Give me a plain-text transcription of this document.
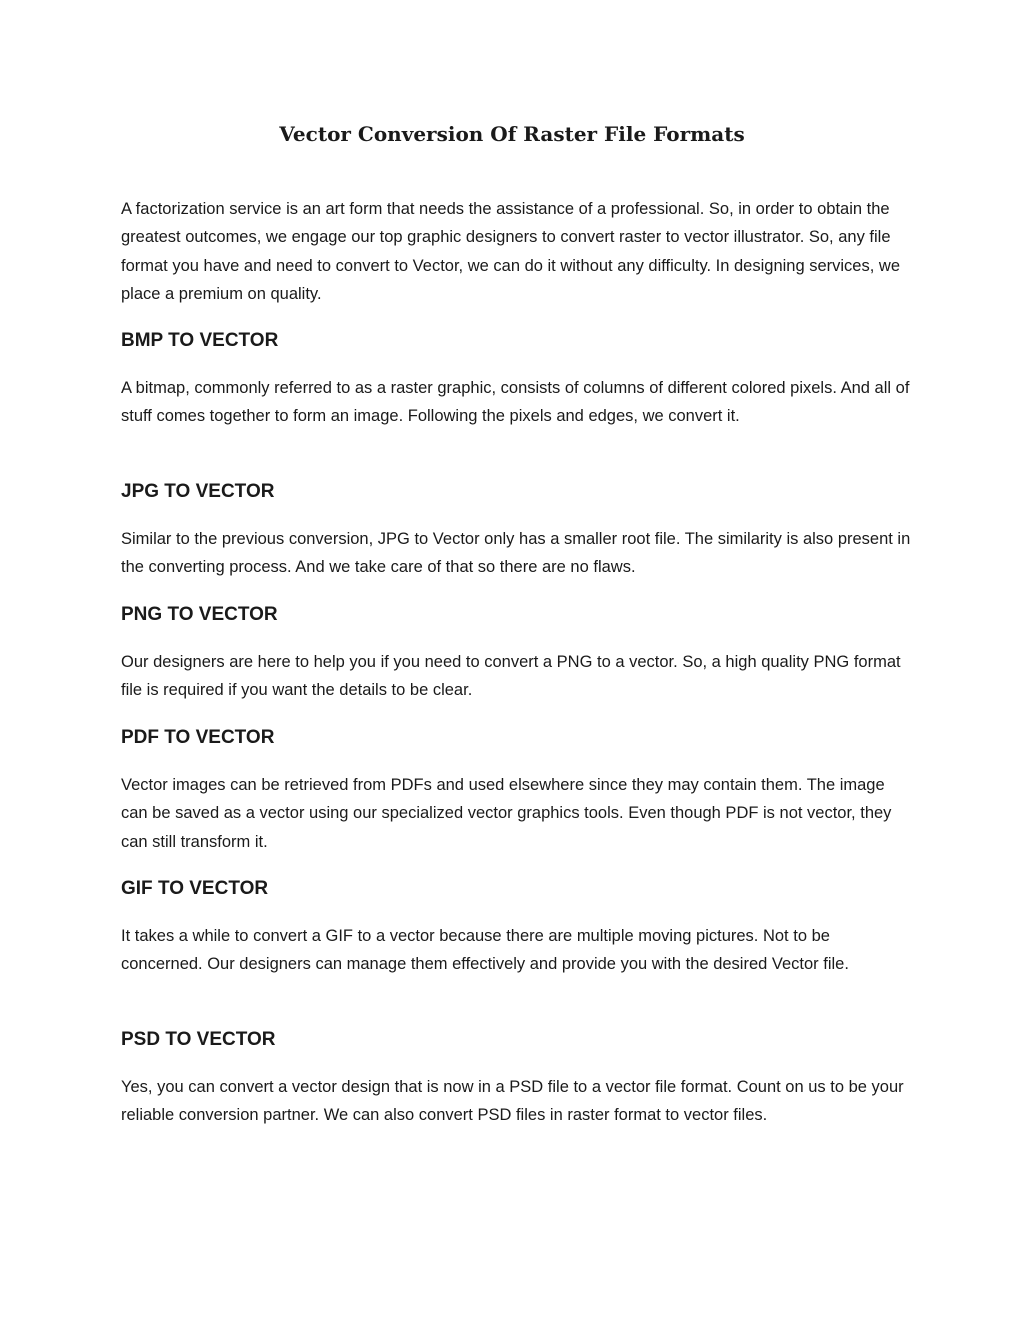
Vector Conversion Of Raster File Formats

A factorization service is an art form that needs the assistance of a professional. So, in order to obtain the greatest outcomes, we engage our top graphic designers to convert raster to vector illustrator. So, any file format you have and need to convert to Vector, we can do it without any difficulty. In designing services, we place a premium on quality.

BMP TO VECTOR

A bitmap, commonly referred to as a raster graphic, consists of columns of different colored pixels. And all of stuff comes together to form an image. Following the pixels and edges, we convert it.

JPG TO VECTOR

Similar to the previous conversion, JPG to Vector only has a smaller root file. The similarity is also present in the converting process. And we take care of that so there are no flaws.

PNG TO VECTOR

Our designers are here to help you if you need to convert a PNG to a vector. So, a high quality PNG format file is required if you want the details to be clear.

PDF TO VECTOR

Vector images can be retrieved from PDFs and used elsewhere since they may contain them. The image can be saved as a vector using our specialized vector graphics tools. Even though PDF is not vector, they can still transform it.

GIF TO VECTOR

It takes a while to convert a GIF to a vector because there are multiple moving pictures. Not to be concerned. Our designers can manage them effectively and provide you with the desired Vector file.

PSD TO VECTOR

Yes, you can convert a vector design that is now in a PSD file to a vector file format. Count on us to be your reliable conversion partner. We can also convert PSD files in raster format to vector files.
